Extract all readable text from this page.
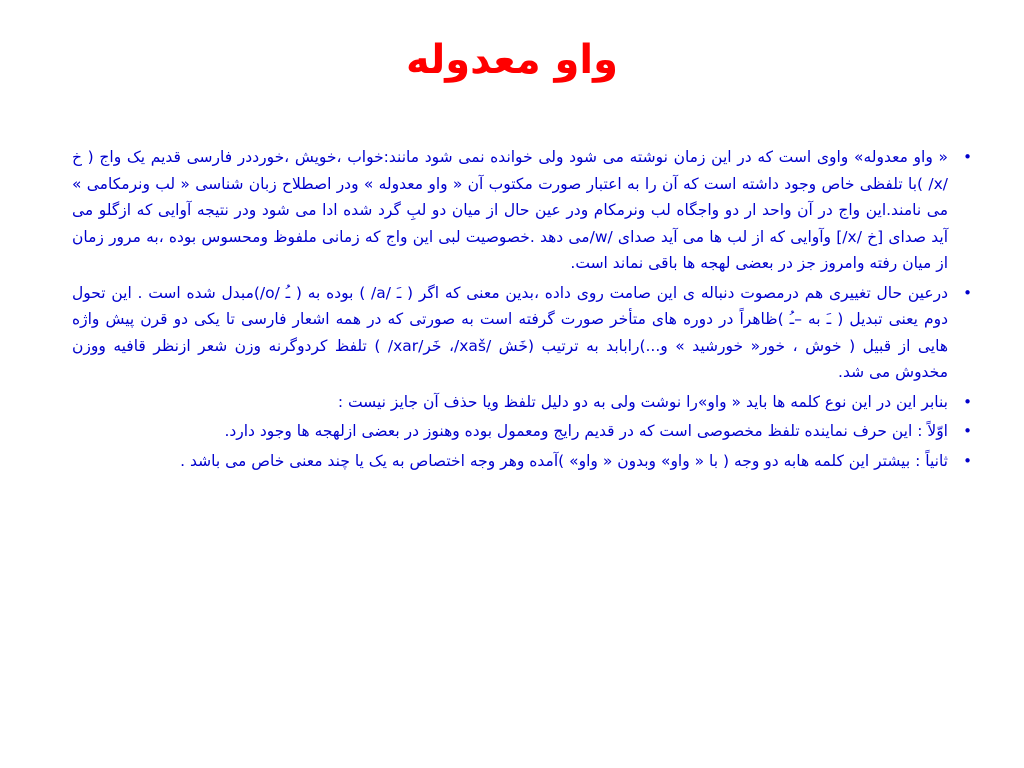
واو معدوله
•
« واو معدوله» واوی است که در این زمان نوشته می شود ولی خوانده نمی شود مانند:خواب ،خویش ،خورددر فارسی قدیم یک واج ( خ /x/ )با تلفظی خاص وجود داشته است که آن را به اعتبار صورت مکتوب آن « واو معدوله » ودر اصطلاح زبان شناسی « لب ونرمکامی » می نامند.این واج در آن واحد ار دو واجگاه لب ونرمکام ودر عین حال از میان دو لبِ گرد شده ادا می شود ودر نتیجه آوایی که ازگلو می آید صدای [خ /x/] وآوایی که از لب ها می آید صدای /w/می دهد .خصوصیت لبی این واج که زمانی ملفوظ ومحسوس بوده ،به مرور زمان از میان رفته وامروز جز در بعضی لهجه ها باقی نماند است.
•
درعین حال تغییری هم درمصوت دنباله ی این صامت روی داده ،بدین معنی که اگر ( ـَ /a/ ) بوده به ( ـُ /o/)مبدل شده است . این تحول دوم یعنی تبدیل ( ـَ به –ـُ )ظاهراً در دوره های متأخر صورت گرفته است به صورتی که در همه اشعار فارسی تا یکی دو قرن پیش واژه هایی از قبیل ( خوش ، خور« خورشید » و...)رابابد به ترتیب (خَش /xaš/، خَر/xar/ ) تلفظ کردوگرنه وزن شعر ازنظر قافیه ووزن مخدوش می شد.
•
بنابر این در این نوع کلمه ها باید « واو»را نوشت ولی به دو دلیل تلفظ ویا حذف آن جایز نیست :
•
اوّلاً : این حرف نماینده تلفظ مخصوصی است که در قدیم رایج ومعمول بوده وهنوز در بعضی ازلهجه ها وجود دارد.
•
ثانیاً : بیشتر این کلمه هابه دو وجه ( با « واو» وبدون « واو» )آمده وهر وجه اختصاص به یک یا چند معنی خاص می باشد .
